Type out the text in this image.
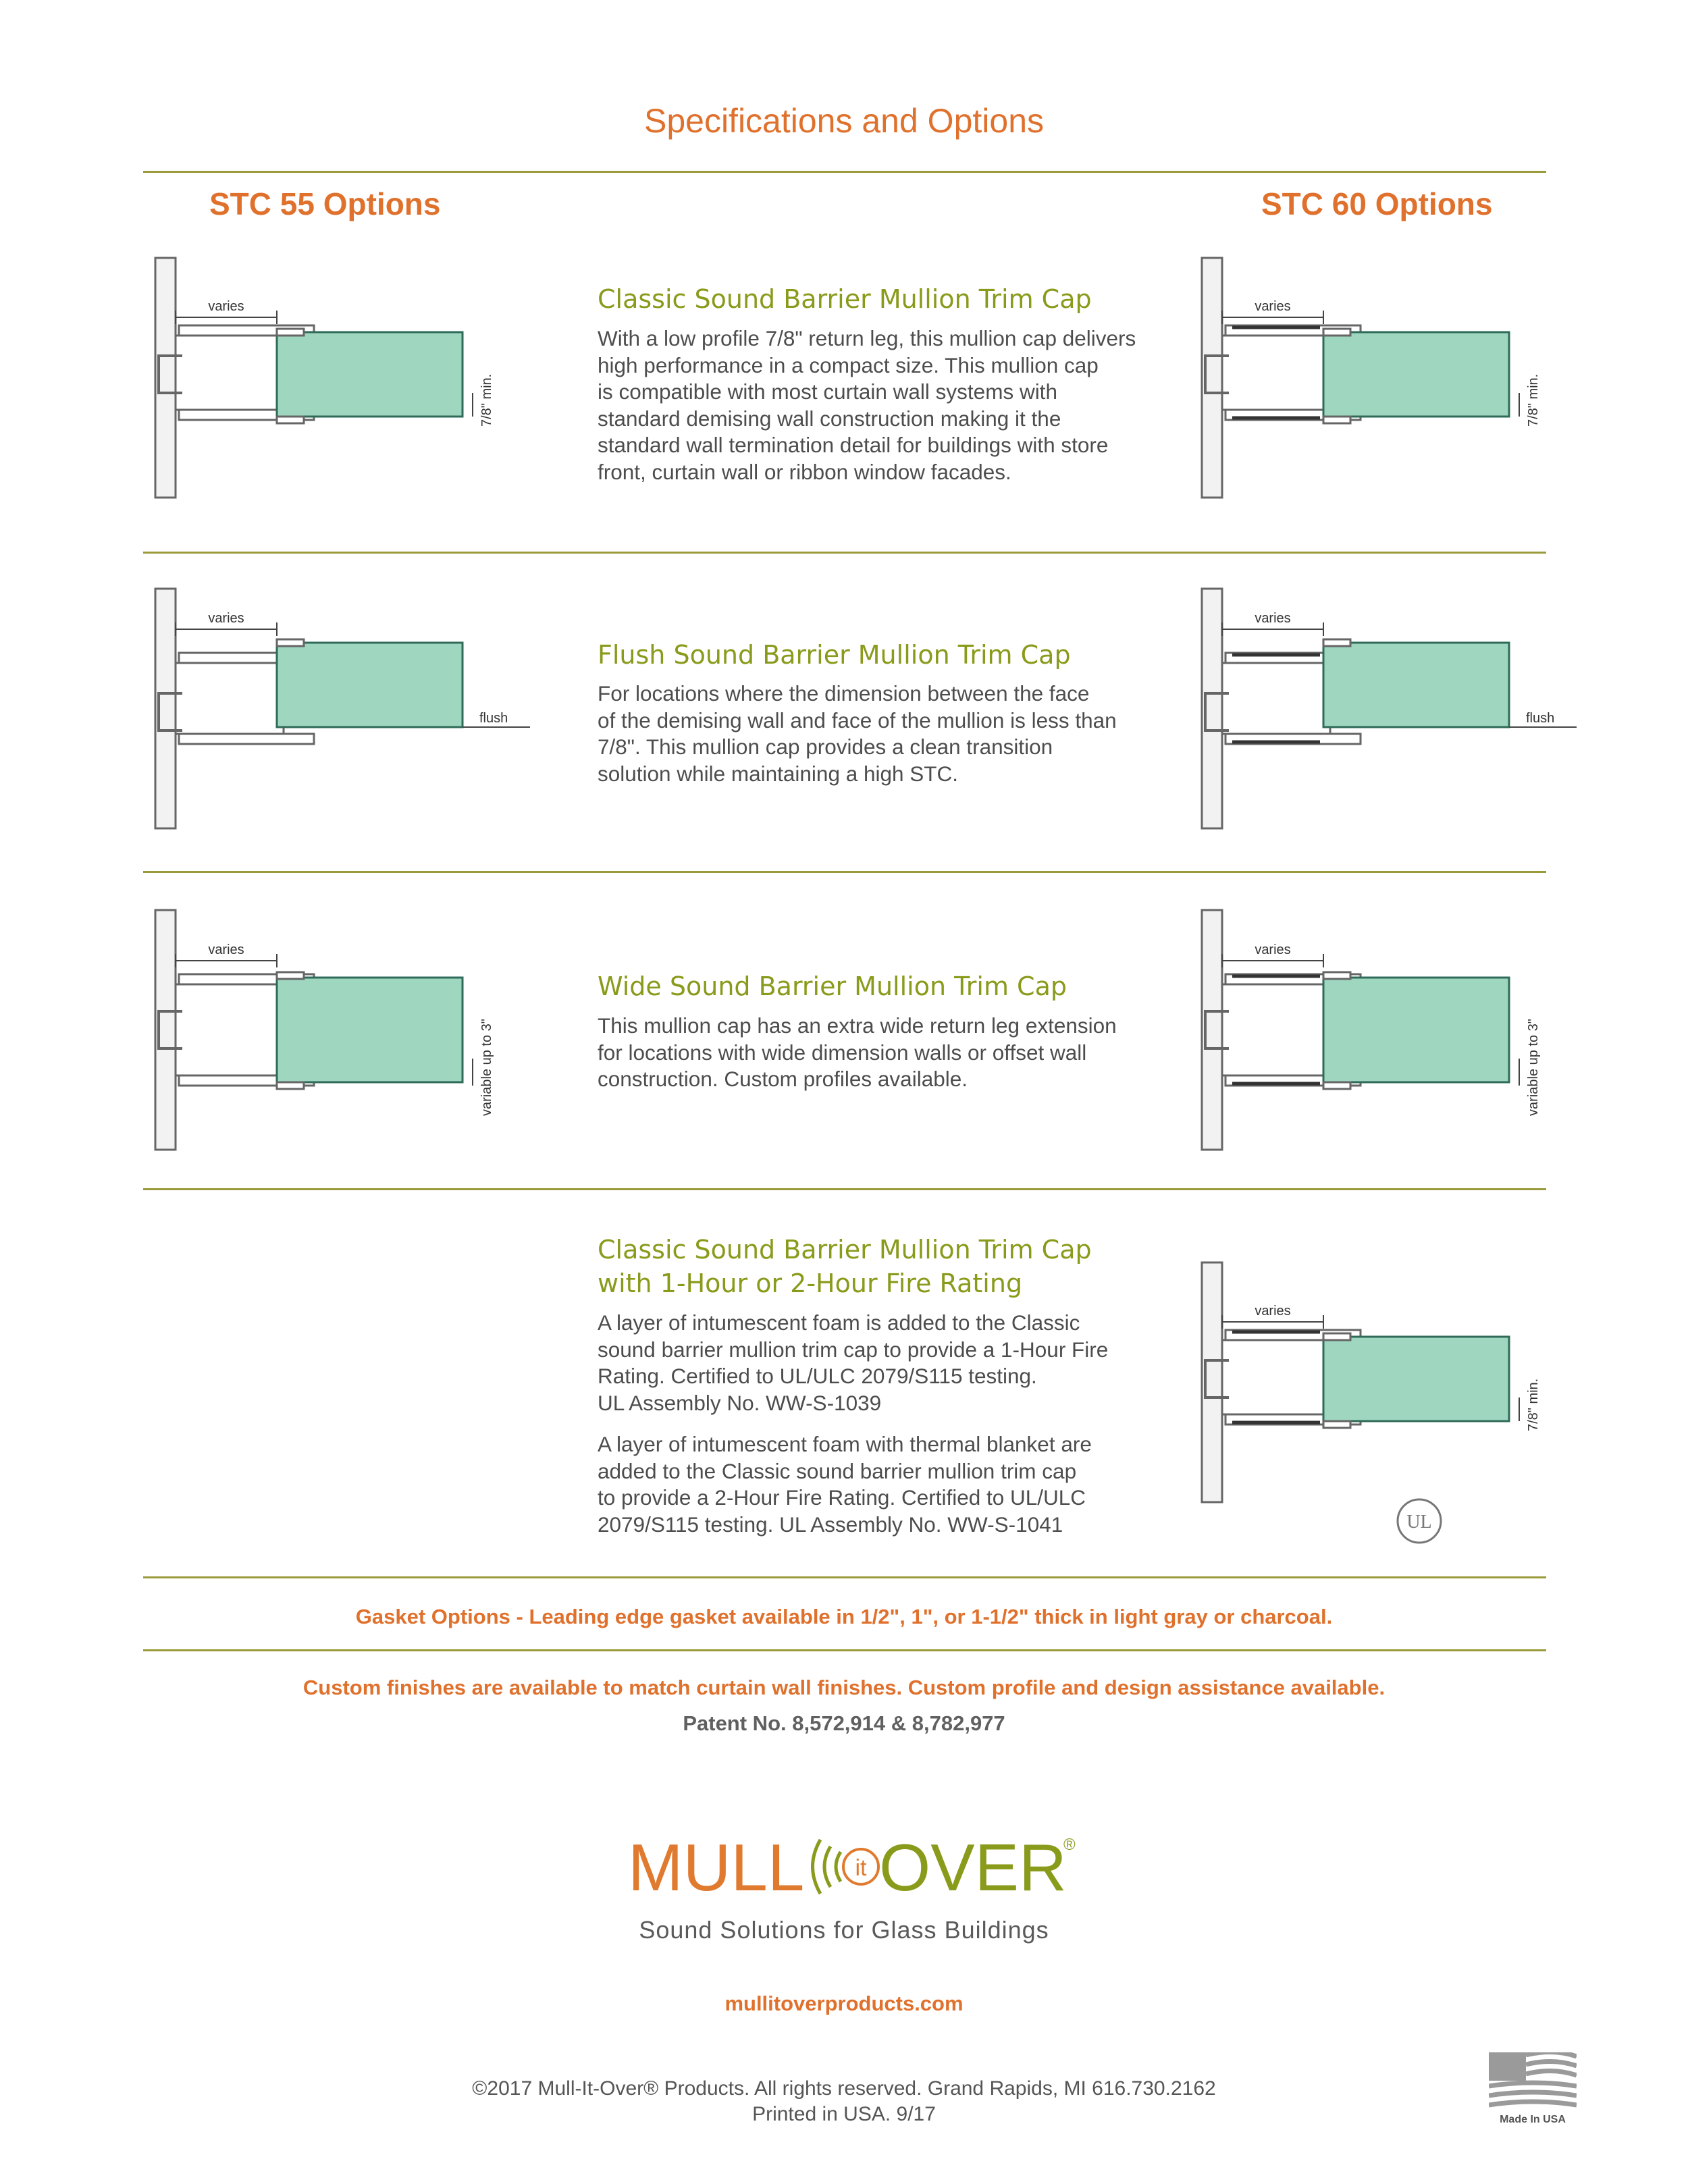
Specifications and Options
STC 55 Options	STC 60 Options
varies
7/8" min.
Classic Sound Barrier Mullion Trim Cap

With a low profile 7/8" return leg, this mullion cap delivers

high performance in a compact size. This mullion cap

is compatible with most curtain wall systems with

standard demising wall construction making it the

standard wall termination detail for buildings with store

front, curtain wall or ribbon window facades.

varies
7/8" min.
varies
flush
Flush Sound Barrier Mullion Trim Cap

For locations where the dimension between the face

of the demising wall and face of the mullion is less than

7/8". This mullion cap provides a clean transition

solution while maintaining a high STC.

varies
flush
varies
variable up to 3"
Wide Sound Barrier Mullion Trim Cap

This mullion cap has an extra wide return leg extension

for locations with wide dimension walls or offset wall

construction. Custom profiles available.

varies
variable up to 3"
Classic Sound Barrier Mullion Trim Cap
with 1-Hour or 2-Hour Fire Rating

A layer of intumescent foam is added to the Classic

sound barrier mullion trim cap to provide a 1-Hour Fire

Rating. Certified to UL/ULC 2079/S115 testing.

UL Assembly No. WW-S-1039

A layer of intumescent foam with thermal blanket are

added to the Classic sound barrier mullion trim cap

to provide a 2-Hour Fire Rating. Certified to UL/ULC

2079/S115 testing. UL Assembly No. WW-S-1041

varies
7/8" min.
UL
Gasket Options - Leading edge gasket available in 1/2", 1", or 1-1/2" thick in light gray or charcoal.
Custom finishes are available to match curtain wall finishes. Custom profile and design assistance available.
Patent No. 8,572,914 & 8,782,977
MULL it OVER
®
Sound Solutions for Glass Buildings
mullitoverproducts.com
©2017 Mull-It-Over® Products. All rights reserved. Grand Rapids, MI 616.730.2162
Printed in USA. 9/17	Made In USA
